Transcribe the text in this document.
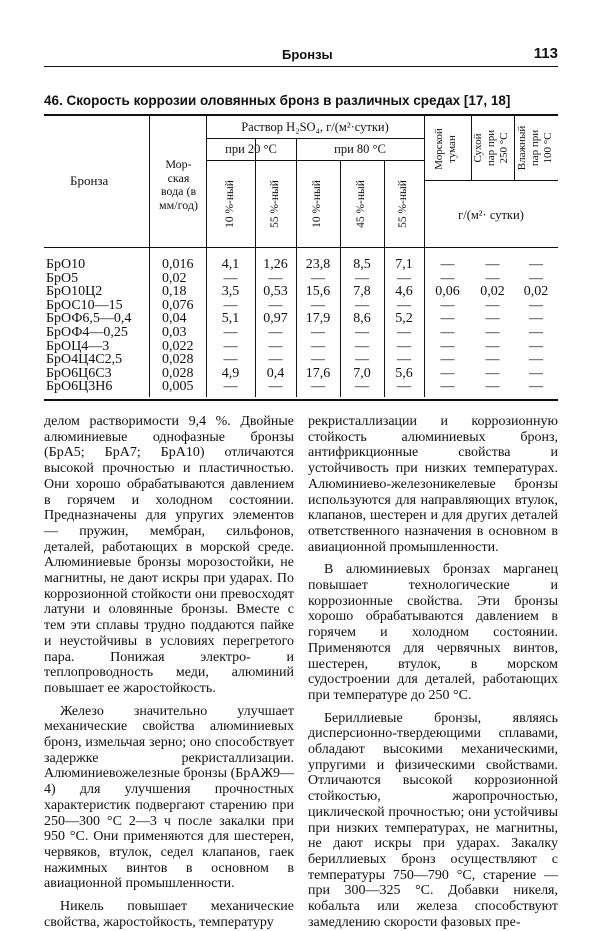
Бронзы	113
46. Скорость коррозии оловянных бронз в различных средах [17, 18]
Бронза
Мор-
ская
вода (в
мм/год)
Раствор H₂SO₄, г/(м²·сутки)
при 20 °С	при 80 °С
10 %-ный	55 %-ный	10 %-ный	45 %-ный	55 %-ный
Морской туман Сухой пар при 250 °С Влажный пар при 100 °С
г/(м²· сутки)
БрО10	0,016	4,1	1,26	23,8	8,5	7,1	—	—	—
БрО5	0,02	—	—	—	—	—	—	—	—
БрО10Ц2	0,18	3,5	0,53	15,6	7,8	4,6	0,06	0,02	0,02
БрОС10—15	0,076	—	—	—	—	—	—	—	—
БрОФ6,5—0,4	0,04	5,1	0,97	17,9	8,6	5,2	—	—	—
БрОФ4—0,25	0,03	—	—	—	—	—	—	—	—
БрОЦ4—3	0,022	—	—	—	—	—	—	—	—
БрО4Ц4С2,5	0,028	—	—	—	—	—	—	—	—
БрО6Ц6С3	0,028	4,9	0,4	17,6	7,0	5,6	—	—	—
БрО6Ц3Н6	0,005	—	—	—	—	—	—	—	—

делом растворимости 9,4 %. Двойные алюминиевые однофазные бронзы (БрА5; БрА7; БрА10) отличаются высокой прочностью и пластичностью. Они хорошо обрабатываются давлением в горячем и холодном состоянии. Предназначены для упругих элементов — пружин, мембран, сильфонов, деталей, работающих в морской среде. Алюминиевые бронзы морозостойки, не магнитны, не дают искры при ударах. По коррозионной стойкости они превосходят латуни и оловянные бронзы. Вместе с тем эти сплавы трудно поддаются пайке и неустойчивы в условиях перегретого пара. Понижая электро- и теплопроводность меди, алюминий повышает ее жаростойкость.

Железо значительно улучшает механические свойства алюминиевых бронз, измельчая зерно; оно способствует задержке рекристаллизации. Алюминиевожелезные бронзы (БрАЖ9—4) для улучшения прочностных характеристик подвергают старению при 250—300 °С 2—3 ч после закалки при 950 °С. Они применяются для шестерен, червяков, втулок, седел клапанов, гаек нажимных винтов в основном в авиационной промышленности.

Никель повышает механические свойства, жаростойкость, температуру

рекристаллизации и коррозионную стойкость алюминиевых бронз, антифрикционные свойства и устойчивость при низких температурах. Алюминиево-железоникелевые бронзы используются для направляющих втулок, клапанов, шестерен и для других деталей ответственного назначения в основном в авиационной промышленности.

В алюминиевых бронзах марганец повышает технологические и коррозионные свойства. Эти бронзы хорошо обрабатываются давлением в горячем и холодном состоянии. Применяются для червячных винтов, шестерен, втулок, в морском судостроении для деталей, работающих при температуре до 250 °С.

Бериллиевые бронзы, являясь дисперсионно-твердеющими сплавами, обладают высокими механическими, упругими и физическими свойствами. Отличаются высокой коррозионной стойкостью, жаропрочностью, циклической прочностью; они устойчивы при низких температурах, не магнитны, не дают искры при ударах. Закалку бериллиевых бронз осуществляют с температуры 750—790 °С, старение — при 300—325 °С. Добавки никеля, кобальта или железа способствуют замедлению скорости фазовых пре-
